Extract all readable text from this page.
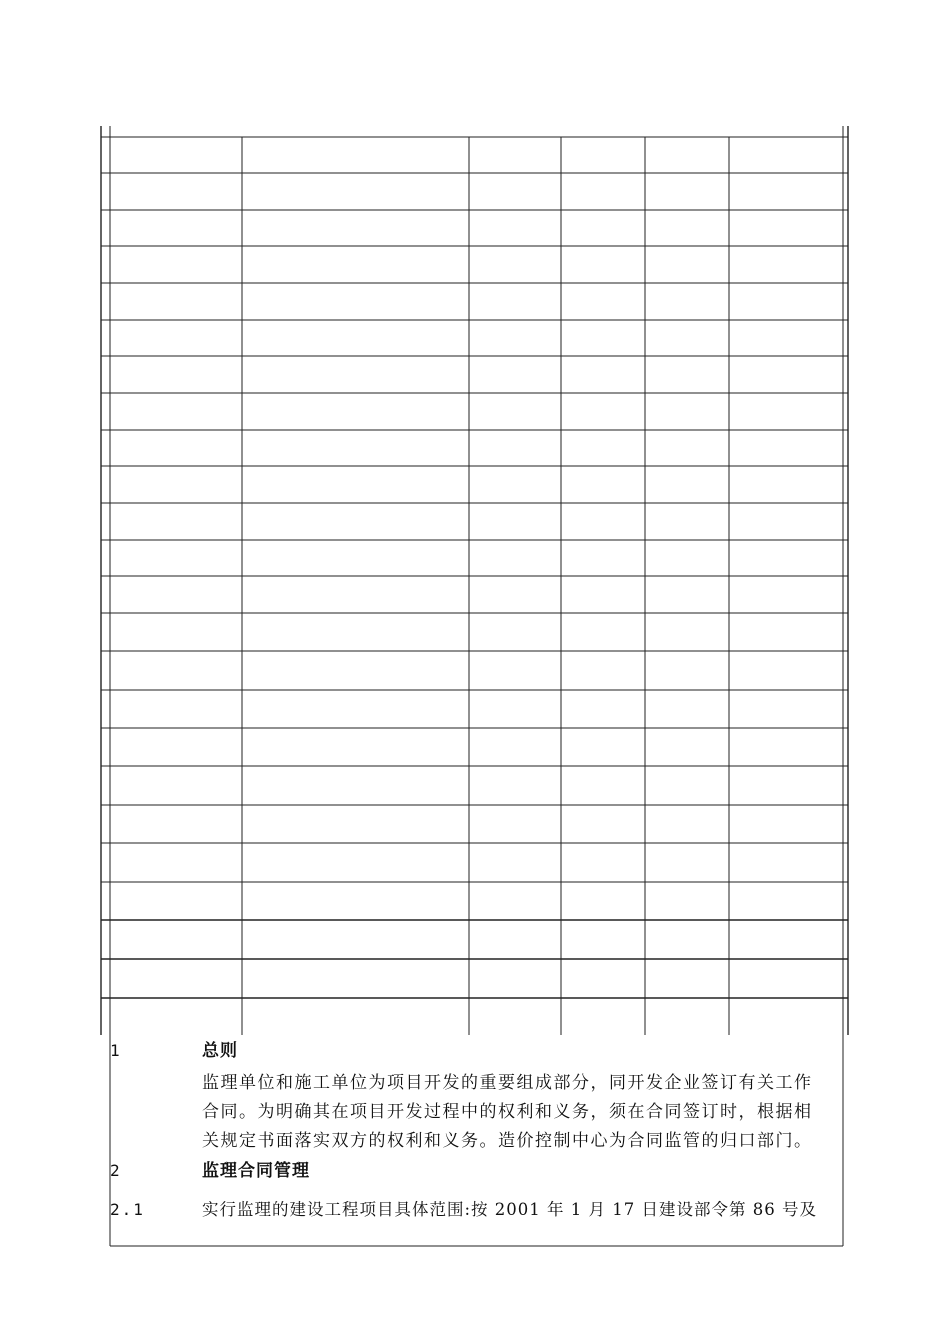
1	总则
监理单位和施工单位为项目开发的重要组成部分，同开发企业签订有关工作
合同。为明确其在项目开发过程中的权利和义务，须在合同签订时，根据相
关规定书面落实双方的权利和义务。造价控制中心为合同监管的归口部门。
2	监理合同管理
2.1	实行监理的建设工程项目具体范围:按 2001 年 1 月 17 日建设部令第 86 号及
